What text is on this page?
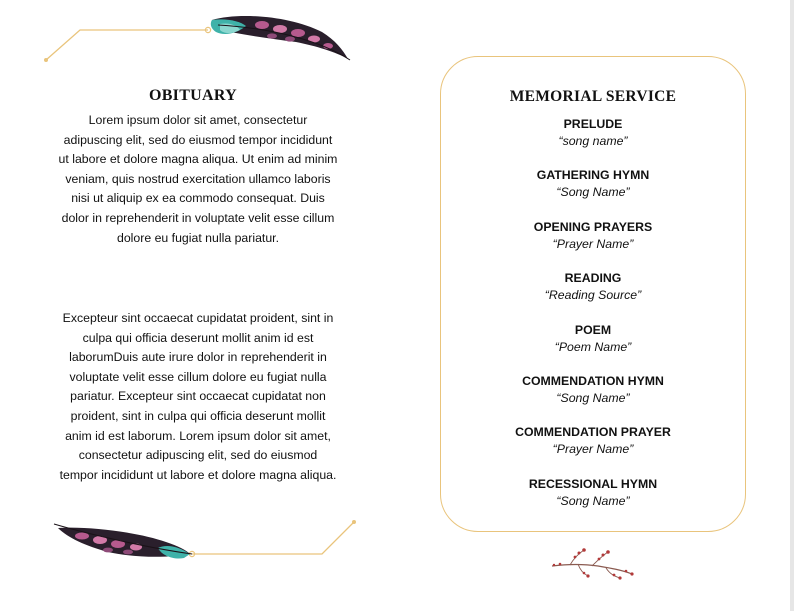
OBITUARY

Lorem ipsum dolor sit amet, consectetur adipuscing elit, sed do eiusmod tempor incididunt ut labore et dolore magna aliqua. Ut enim ad minim veniam, quis nostrud exercitation ullamco laboris nisi ut aliquip ex ea commodo consequat. Duis dolor in reprehenderit in voluptate velit esse cillum dolore eu fugiat nulla pariatur.

Excepteur sint occaecat cupidatat proident, sint in culpa qui officia deserunt mollit anim id est laborumDuis aute irure dolor in reprehenderit in voluptate velit esse cillum dolore eu fugiat nulla pariatur. Excepteur sint occaecat cupidatat non proident, sint in culpa qui officia deserunt mollit anim id est laborum. Lorem ipsum dolor sit amet, consectetur adipuscing elit, sed do eiusmod tempor incididunt ut labore et dolore magna aliqua.

MEMORIAL SERVICE
PRELUDE
“song name”
GATHERING HYMN
“Song Name”
OPENING PRAYERS
“Prayer Name”
READING
“Reading Source”
POEM
“Poem Name”
COMMENDATION HYMN
“Song Name”
COMMENDATION PRAYER
“Prayer Name”
RECESSIONAL HYMN
“Song Name”
